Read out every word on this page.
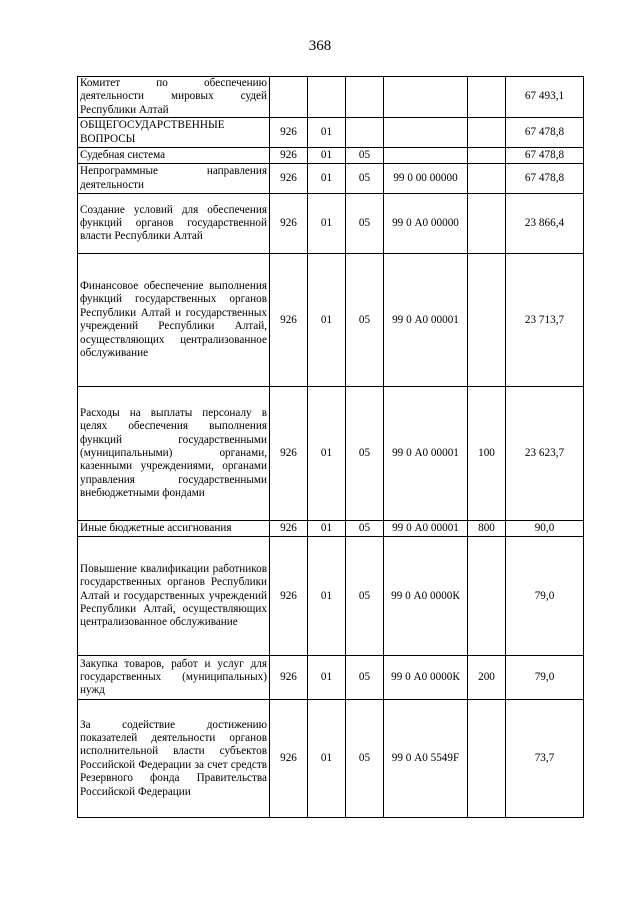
368
Комитет по обеспечению деятельности мировых судей Республики Алтай						67 493,1
ОБЩЕГОСУДАРСТВЕННЫЕ ВОПРОСЫ	926	01				67 478,8
Судебная система	926	01	05			67 478,8
Непрограммные направления деятельности	926	01	05	99 0 00 00000		67 478,8
Создание условий для обеспечения функций органов государственной власти Республики Алтай	926	01	05	99 0 А0 00000		23 866,4
Финансовое обеспечение выполнения функций государственных органов Республики Алтай и государственных учреждений Республики Алтай, осуществляющих централизованное обслуживание	926	01	05	99 0 А0 00001		23 713,7
Расходы на выплаты персоналу в целях обеспечения выполнения функций государственными (муниципальными) органами, казенными учреждениями, органами управления государственными внебюджетными фондами	926	01	05	99 0 А0 00001	100	23 623,7
Иные бюджетные ассигнования	926	01	05	99 0 А0 00001	800	90,0
Повышение квалификации работников государственных органов Республики Алтай и государственных учреждений Республики Алтай, осуществляющих централизованное обслуживание	926	01	05	99 0 А0 0000К		79,0
Закупка товаров, работ и услуг для государственных (муниципальных) нужд	926	01	05	99 0 А0 0000К	200	79,0
За содействие достижению показателей деятельности органов исполнительной власти субъектов Российской Федерации за счет средств Резервного фонда Правительства Российской Федерации	926	01	05	99 0 А0 5549F		73,7
